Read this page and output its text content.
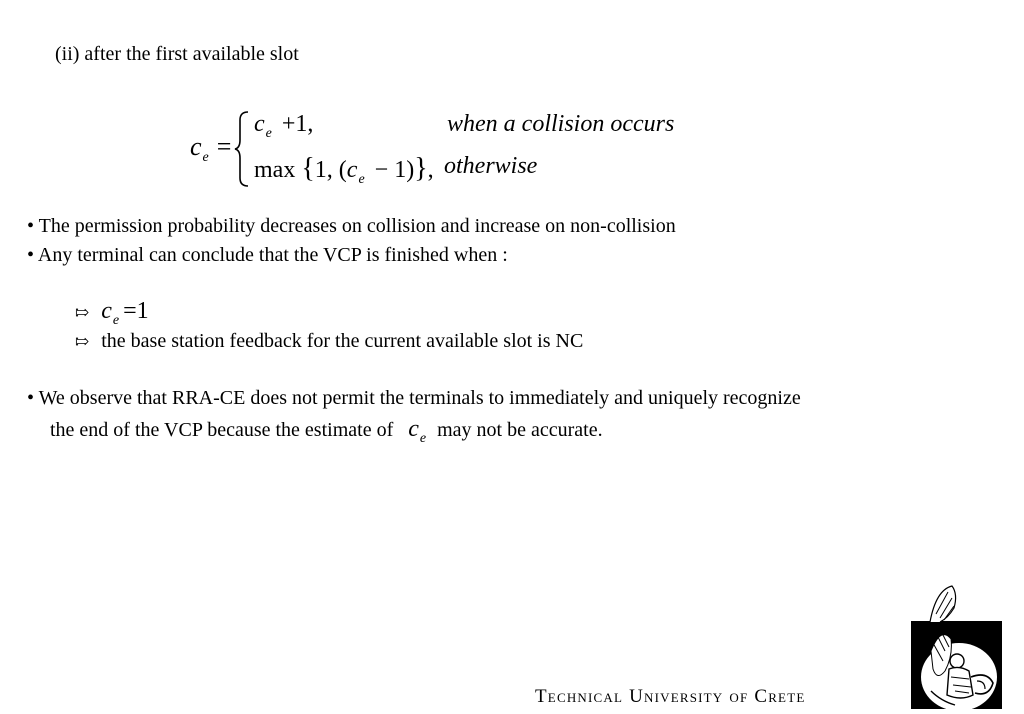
(ii) after the first available slot
ce =
$c_e +1$,	when a collision occurs
max {1, $(c_e - 1)$}, otherwise
• The permission probability decreases on collision and increase on non-collision
• Any terminal can conclude that the VCP is finished when :
⇰ ce =1
⇰ the base station feedback for the current available slot is NC
• We observe that RRA-CE does not permit the terminals to immediately and uniquely recognize
the end of the VCP because the estimate of $c_e$ may not be accurate.
Technical University of Crete
